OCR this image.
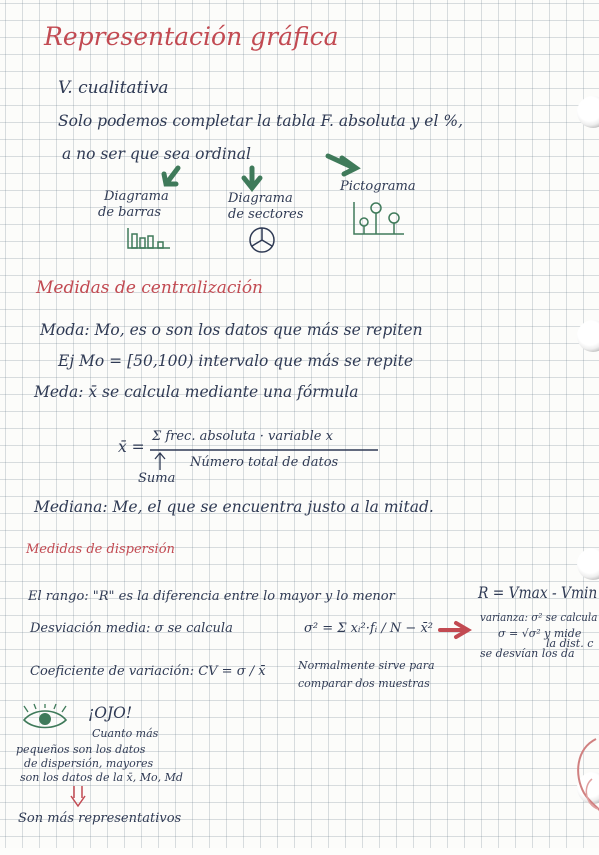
Representación gráfica
V. cualitativa
Solo podemos completar la tabla F. absoluta y el %,
a no ser que sea ordinal
Diagrama
de barras
Diagrama
de sectores
Pictograma
Medidas de centralización
Moda: Mo, es o son los datos que más se repiten
Ej Mo = [50,100) intervalo que más se repite
Meda: x̄ se calcula mediante una fórmula
x̄ =
Σ frec. absoluta · variable x
Número total de datos
Suma
Mediana: Me, el que se encuentra justo a la mitad.
Medidas de dispersión
El rango: "R" es la diferencia entre lo mayor y lo menor	R = Vmax - Vmin
Desviación media: σ se calcula	σ² = Σ xᵢ²·fᵢ / N − x̄²
varianza: σ² se calcula
σ = √σ² y mide
la dist. c
se desvían los da
Coeficiente de variación: CV = σ / x̄	Normalmente sirve para
comparar dos muestras
¡OJO!
Cuanto más
pequeños son los datos
de dispersión, mayores
son los datos de la x̄, Mo, Md
Son más representativos
